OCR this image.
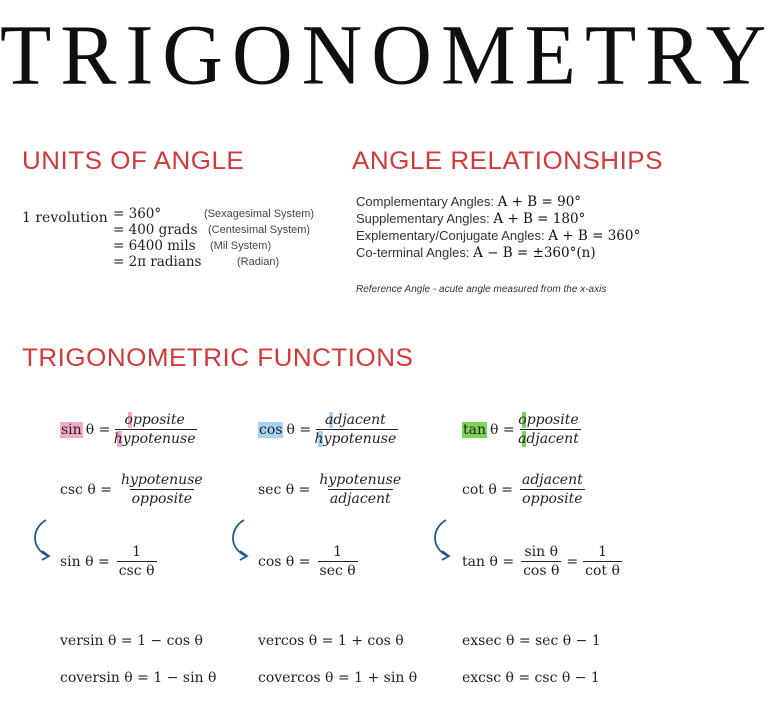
TRIGONOMETRY
UNITS OF ANGLE
1 revolution = 360°	(Sexagesimal System)
= 400 grads (Centesimal System)
= 6400 mils (Mil System)
= 2π radians	(Radian)
ANGLE RELATIONSHIPS
Complementary Angles: A + B = 90°
Supplementary Angles: A + B = 180°
Explementary/Conjugate Angles: A + B = 360°
Co-terminal Angles: A − B = ±360°(n)
Reference Angle - acute angle measured from the x-axis
TRIGONOMETRIC FUNCTIONS
$\sin \theta = \frac{\text{opposite}}{\text{hypotenuse}}$	$\cos \theta = \frac{\text{adjacent}}{\text{hypotenuse}}$	$\tan \theta = \frac{\text{opposite}}{\text{adjacent}}$
$\csc \theta = \frac{\text{hypotenuse}}{\text{opposite}}$	$\sec \theta = \frac{\text{hypotenuse}}{\text{adjacent}}$	$\cot \theta = \frac{\text{adjacent}}{\text{opposite}}$
$\sin \theta = \frac{1}{\text{csc θ}}$	$\cos \theta = \frac{1}{\text{sec θ}}$	$\tan \theta = \frac{\text{sin θ}}{\text{cos θ}} = \frac{1}{\text{cot θ}}$
versin θ = 1 − cos θ	vercos θ = 1 + cos θ	exsec θ = sec θ − 1
coversin θ = 1 − sin θ	covercos θ = 1 + sin θ	excsc θ = csc θ − 1
